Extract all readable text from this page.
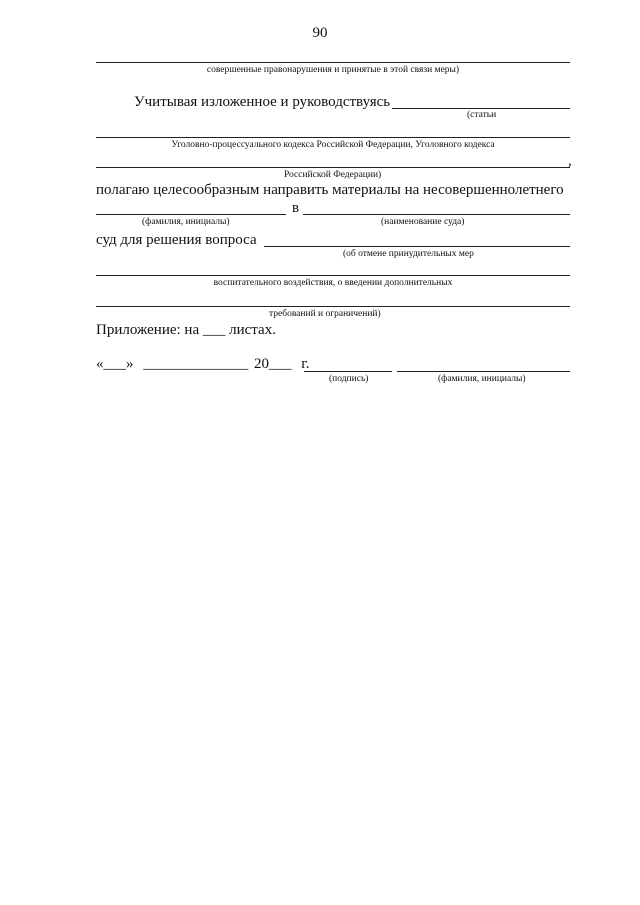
90
совершенные правонарушения и принятые в этой связи меры)
Учитывая изложенное и руководствуясь
(статьи
Уголовно-процессуального кодекса Российской Федерации, Уголовного кодекса
,
Российской Федерации)
полагаю целесообразным направить материалы на несовершеннолетнего
в
(фамилия, инициалы)	(наименование суда)
суд для решения вопроса
(об отмене принудительных мер
воспитательного воздействия, о введении дополнительных
требований и ограничений)
Приложение: на ___ листах.
«___» ______________ 20___ г.
(подпись)	(фамилия, инициалы)
